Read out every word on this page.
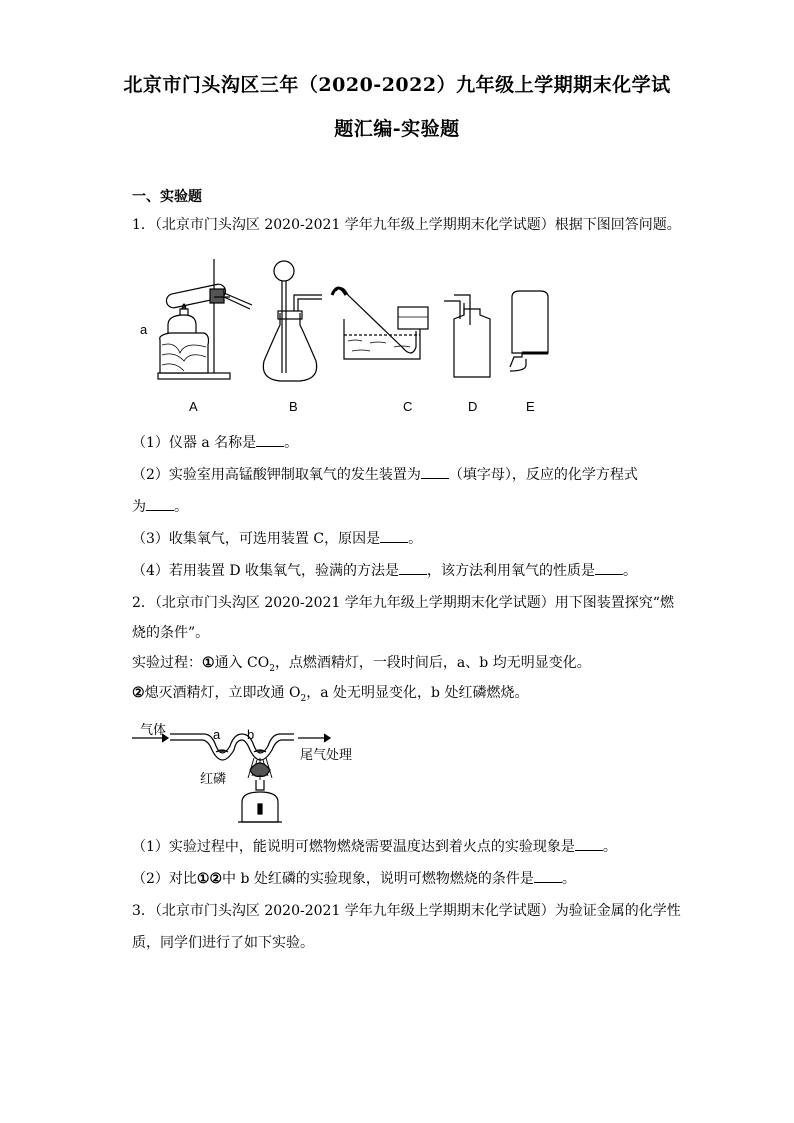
北京市门头沟区三年（2020-2022）九年级上学期期末化学试
题汇编-实验题
一、实验题
1．（北京市门头沟区 2020-2021 学年九年级上学期期末化学试题）根据下图回答问题。
a
A	B	C	D	E
（1）仪器 a 名称是 。
（2）实验室用高锰酸钾制取氧气的发生装置为 （填字母），反应的化学方程式
为 。
（3）收集氧气，可选用装置 C，原因是 。
（4）若用装置 D 收集氧气，验满的方法是 ，该方法利用氧气的性质是 。
2．（北京市门头沟区 2020-2021 学年九年级上学期期末化学试题）用下图装置探究“燃
烧的条件”。
实验过程：①通入 $CO_2$，点燃酒精灯，一段时间后，a、b 均无明显变化。
②熄灭酒精灯，立即改通 $O_2$，a 处无明显变化，b 处红磷燃烧。
气体	a b
红磷
尾气处理
（1）实验过程中，能说明可燃物燃烧需要温度达到着火点的实验现象是 。
（2）对比①②中 b 处红磷的实验现象，说明可燃物燃烧的条件是 。
3．（北京市门头沟区 2020-2021 学年九年级上学期期末化学试题）为验证金属的化学性
质，同学们进行了如下实验。
